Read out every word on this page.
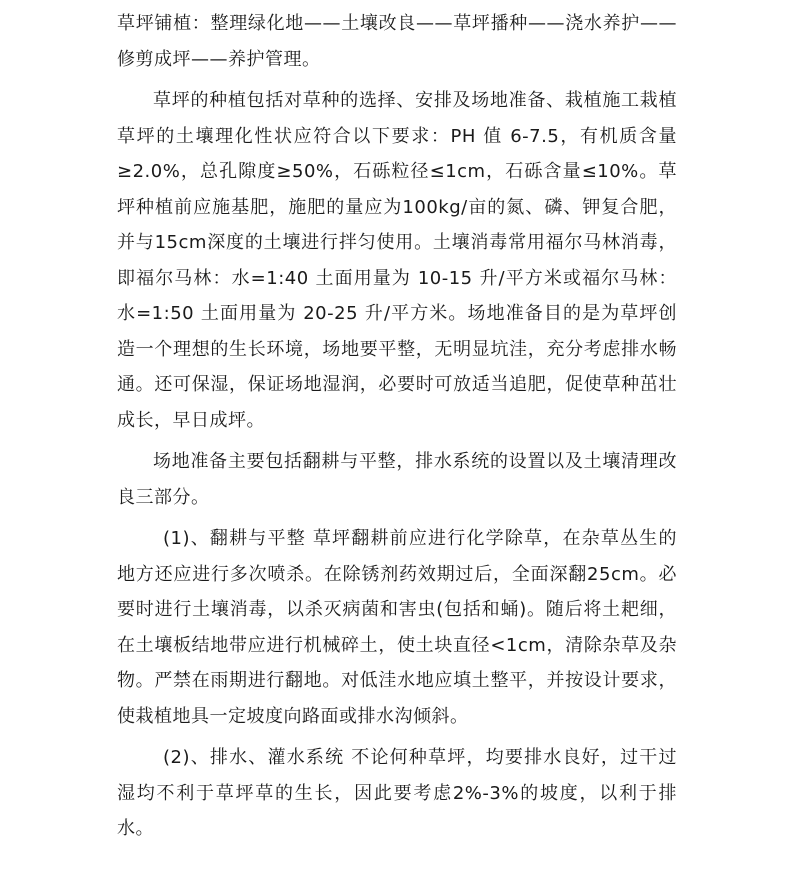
草坪铺植：整理绿化地——土壤改良——草坪播种——浇水养护——修剪成坪——养护管理。

草坪的种植包括对草种的选择、安排及场地准备、栽植施工栽植草坪的土壤理化性状应符合以下要求：PH 值 6-7.5，有机质含量≥2.0%，总孔隙度≥50%，石砾粒径≤1cm，石砾含量≤10%。草坪种植前应施基肥，施肥的量应为100kg/亩的氮、磷、钾复合肥，并与15cm深度的土壤进行拌匀使用。土壤消毒常用福尔马林消毒，即福尔马林：水=1:40 土面用量为 10-15 升/平方米或福尔马林：水=1:50 土面用量为 20-25 升/平方米。场地准备目的是为草坪创造一个理想的生长环境，场地要平整，无明显坑洼，充分考虑排水畅通。还可保湿，保证场地湿润，必要时可放适当追肥，促使草种茁壮成长，早日成坪。

场地准备主要包括翻耕与平整，排水系统的设置以及土壤清理改良三部分。

(1)、翻耕与平整 草坪翻耕前应进行化学除草，在杂草丛生的地方还应进行多次喷杀。在除锈剂药效期过后，全面深翻25cm。必要时进行土壤消毒，以杀灭病菌和害虫(包括和蛹)。随后将土耙细，在土壤板结地带应进行机械碎土，使土块直径<1cm，清除杂草及杂物。严禁在雨期进行翻地。对低洼水地应填土整平，并按设计要求，使栽植地具一定坡度向路面或排水沟倾斜。

(2)、排水、灌水系统 不论何种草坪，均要排水良好，过干过湿均不利于草坪草的生长，因此要考虑2%-3%的坡度，以利于排水。
